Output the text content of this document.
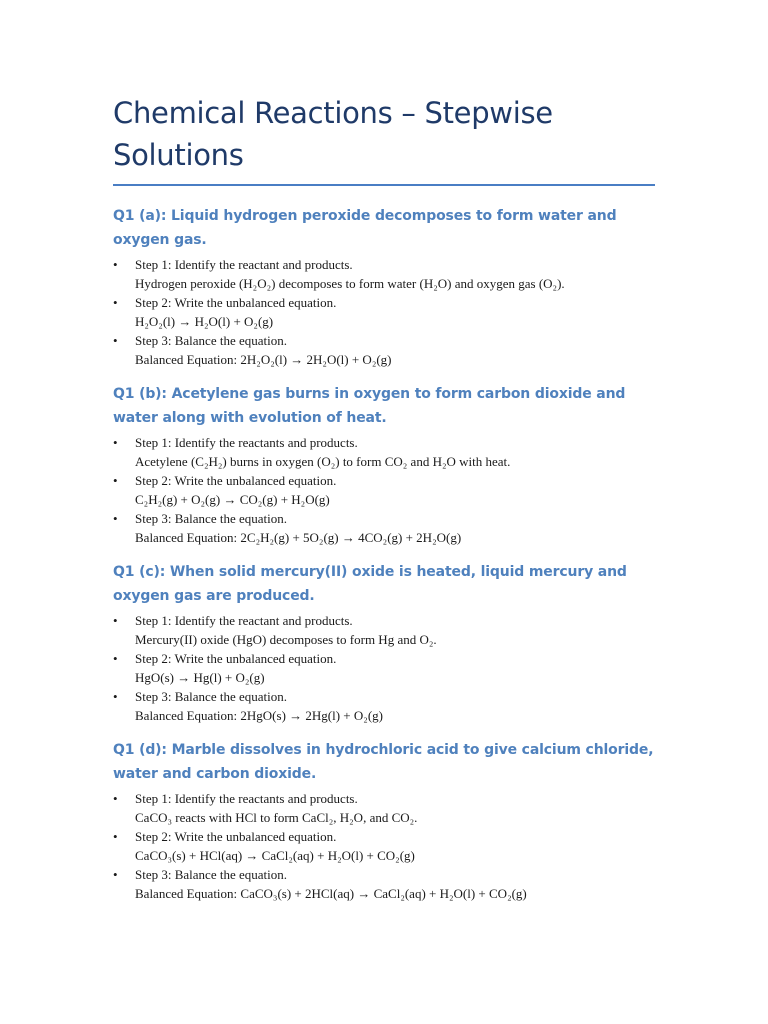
Chemical Reactions – Stepwise
Solutions
Q1 (a): Liquid hydrogen peroxide decomposes to form water and oxygen gas.
• Step 1: Identify the reactant and products.
Hydrogen peroxide (H₂O₂) decomposes to form water (H₂O) and oxygen gas (O₂).
• Step 2: Write the unbalanced equation.
H₂O₂(l) → H₂O(l) + O₂(g)
• Step 3: Balance the equation.
Balanced Equation: 2H₂O₂(l) → 2H₂O(l) + O₂(g)
Q1 (b): Acetylene gas burns in oxygen to form carbon dioxide and water along with evolution of heat.
• Step 1: Identify the reactants and products.
Acetylene (C₂H₂) burns in oxygen (O₂) to form CO₂ and H₂O with heat.
• Step 2: Write the unbalanced equation.
C₂H₂(g) + O₂(g) → CO₂(g) + H₂O(g)
• Step 3: Balance the equation.
Balanced Equation: 2C₂H₂(g) + 5O₂(g) → 4CO₂(g) + 2H₂O(g)
Q1 (c): When solid mercury(II) oxide is heated, liquid mercury and oxygen gas are produced.
• Step 1: Identify the reactant and products.
Mercury(II) oxide (HgO) decomposes to form Hg and O₂.
• Step 2: Write the unbalanced equation.
HgO(s) → Hg(l) + O₂(g)
• Step 3: Balance the equation.
Balanced Equation: 2HgO(s) → 2Hg(l) + O₂(g)
Q1 (d): Marble dissolves in hydrochloric acid to give calcium chloride, water and carbon dioxide.
• Step 1: Identify the reactants and products.
CaCO₃ reacts with HCl to form CaCl₂, H₂O, and CO₂.
• Step 2: Write the unbalanced equation.
CaCO₃(s) + HCl(aq) → CaCl₂(aq) + H₂O(l) + CO₂(g)
• Step 3: Balance the equation.
Balanced Equation: CaCO₃(s) + 2HCl(aq) → CaCl₂(aq) + H₂O(l) + CO₂(g)
